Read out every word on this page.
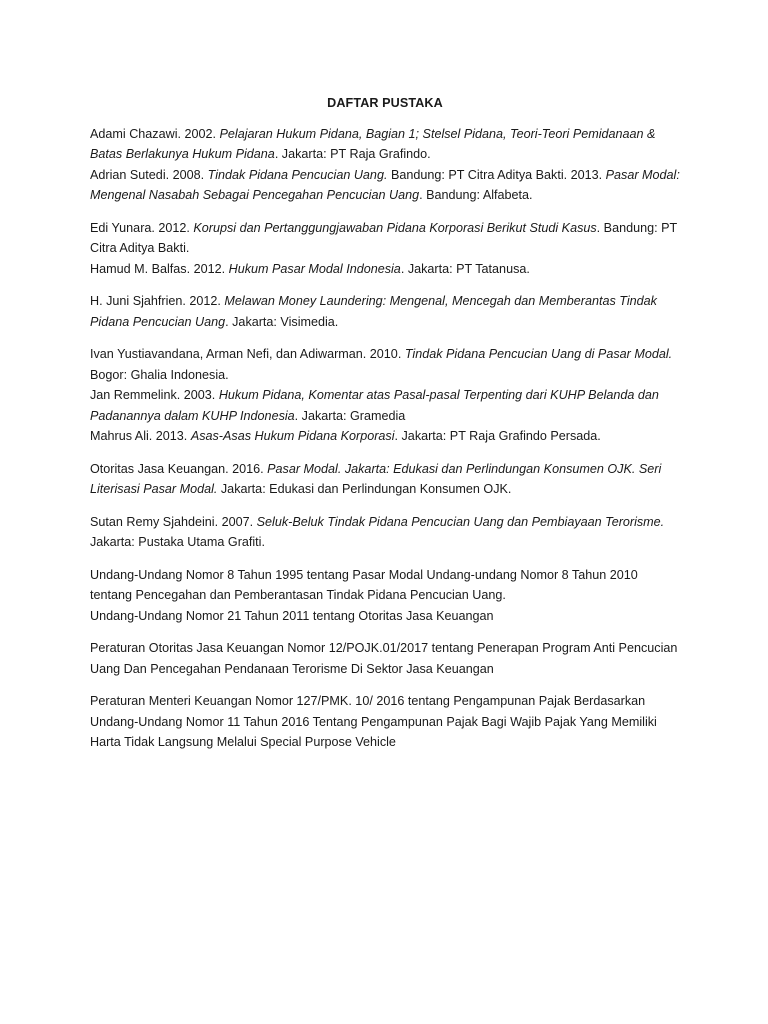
DAFTAR PUSTAKA

Adami Chazawi. 2002. Pelajaran Hukum Pidana, Bagian 1; Stelsel Pidana, Teori-Teori Pemidanaan & Batas Berlakunya Hukum Pidana. Jakarta: PT Raja Grafindo.

Adrian Sutedi. 2008. Tindak Pidana Pencucian Uang. Bandung: PT Citra Aditya Bakti. 2013. Pasar Modal: Mengenal Nasabah Sebagai Pencegahan Pencucian Uang. Bandung: Alfabeta.

Edi Yunara. 2012. Korupsi dan Pertanggungjawaban Pidana Korporasi Berikut Studi Kasus. Bandung: PT Citra Aditya Bakti.

Hamud M. Balfas. 2012. Hukum Pasar Modal Indonesia. Jakarta: PT Tatanusa.

H. Juni Sjahfrien. 2012. Melawan Money Laundering: Mengenal, Mencegah dan Memberantas Tindak Pidana Pencucian Uang. Jakarta: Visimedia.

Ivan Yustiavandana, Arman Nefi, dan Adiwarman. 2010. Tindak Pidana Pencucian Uang di Pasar Modal. Bogor: Ghalia Indonesia.

Jan Remmelink. 2003. Hukum Pidana, Komentar atas Pasal-pasal Terpenting dari KUHP Belanda dan Padanannya dalam KUHP Indonesia. Jakarta: Gramedia

Mahrus Ali. 2013. Asas-Asas Hukum Pidana Korporasi. Jakarta: PT Raja Grafindo Persada.

Otoritas Jasa Keuangan. 2016. Pasar Modal. Jakarta: Edukasi dan Perlindungan Konsumen OJK. Seri Literisasi Pasar Modal. Jakarta: Edukasi dan Perlindungan Konsumen OJK.

Sutan Remy Sjahdeini. 2007. Seluk-Beluk Tindak Pidana Pencucian Uang dan Pembiayaan Terorisme. Jakarta: Pustaka Utama Grafiti.

Undang-Undang Nomor 8 Tahun 1995 tentang Pasar Modal Undang-undang Nomor 8 Tahun 2010 tentang Pencegahan dan Pemberantasan Tindak Pidana Pencucian Uang.

Undang-Undang Nomor 21 Tahun 2011 tentang Otoritas Jasa Keuangan

Peraturan Otoritas Jasa Keuangan Nomor 12/POJK.01/2017 tentang Penerapan Program Anti Pencucian Uang Dan Pencegahan Pendanaan Terorisme Di Sektor Jasa Keuangan

Peraturan Menteri Keuangan Nomor 127/PMK. 10/ 2016 tentang Pengampunan Pajak Berdasarkan Undang-Undang Nomor 11 Tahun 2016 Tentang Pengampunan Pajak Bagi Wajib Pajak Yang Memiliki Harta Tidak Langsung Melalui Special Purpose Vehicle
